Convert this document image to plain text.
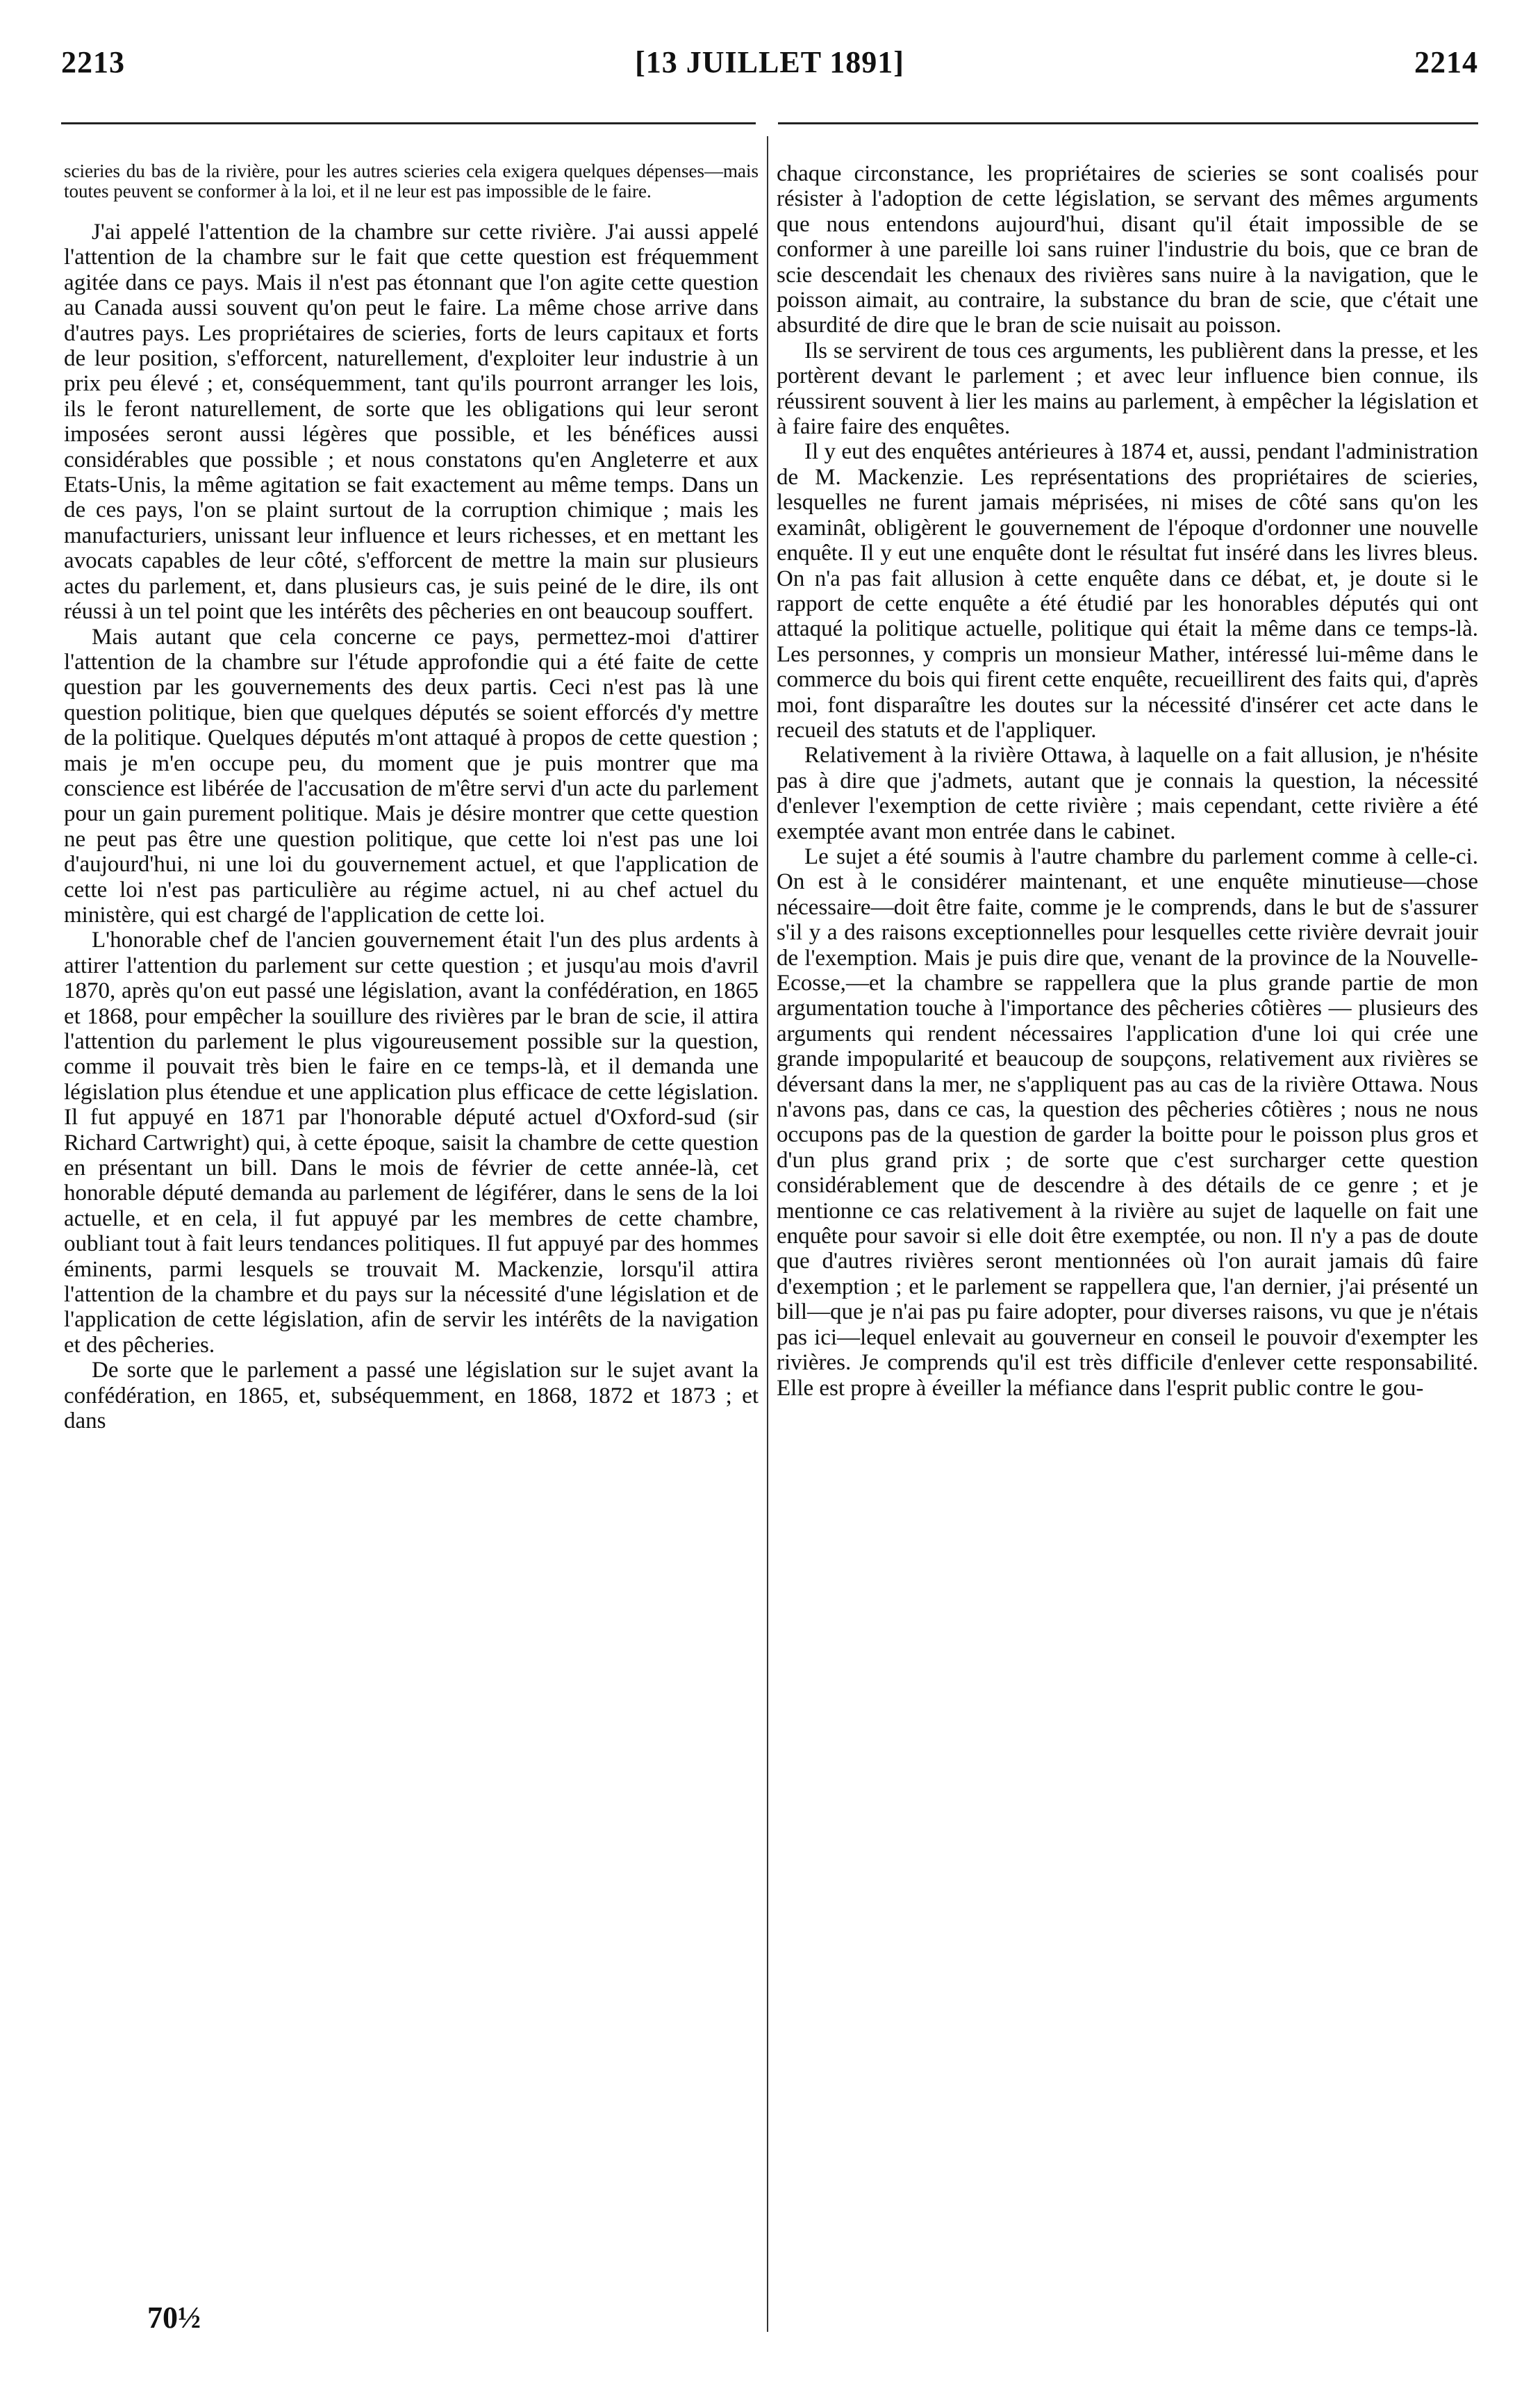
2213	[13 JUILLET 1891]	2214

scieries du bas de la rivière, pour les autres scieries cela exigera quelques dépenses—mais toutes peuvent se conformer à la loi, et il ne leur est pas impossible de le faire.

J'ai appelé l'attention de la chambre sur cette rivière. J'ai aussi appelé l'attention de la chambre sur le fait que cette question est fréquemment agitée dans ce pays. Mais il n'est pas étonnant que l'on agite cette question au Canada aussi souvent qu'on peut le faire. La même chose arrive dans d'autres pays. Les propriétaires de scieries, forts de leurs capitaux et forts de leur position, s'efforcent, naturellement, d'exploiter leur industrie à un prix peu élevé ; et, conséquemment, tant qu'ils pourront arranger les lois, ils le feront naturellement, de sorte que les obligations qui leur seront imposées seront aussi légères que possible, et les bénéfices aussi considérables que possible ; et nous constatons qu'en Angleterre et aux Etats-Unis, la même agitation se fait exactement au même temps. Dans un de ces pays, l'on se plaint surtout de la corruption chimique ; mais les manufacturiers, unissant leur influence et leurs richesses, et en mettant les avocats capables de leur côté, s'efforcent de mettre la main sur plusieurs actes du parlement, et, dans plusieurs cas, je suis peiné de le dire, ils ont réussi à un tel point que les intérêts des pêcheries en ont beaucoup souffert.

Mais autant que cela concerne ce pays, permettez-moi d'attirer l'attention de la chambre sur l'étude approfondie qui a été faite de cette question par les gouvernements des deux partis. Ceci n'est pas là une question politique, bien que quelques députés se soient efforcés d'y mettre de la politique. Quelques députés m'ont attaqué à propos de cette question ; mais je m'en occupe peu, du moment que je puis montrer que ma conscience est libérée de l'accusation de m'être servi d'un acte du parlement pour un gain purement politique. Mais je désire montrer que cette question ne peut pas être une question politique, que cette loi n'est pas une loi d'aujourd'hui, ni une loi du gouvernement actuel, et que l'application de cette loi n'est pas particulière au régime actuel, ni au chef actuel du ministère, qui est chargé de l'application de cette loi.

L'honorable chef de l'ancien gouvernement était l'un des plus ardents à attirer l'attention du parlement sur cette question ; et jusqu'au mois d'avril 1870, après qu'on eut passé une législation, avant la confédération, en 1865 et 1868, pour empêcher la souillure des rivières par le bran de scie, il attira l'attention du parlement le plus vigoureusement possible sur la question, comme il pouvait très bien le faire en ce temps-là, et il demanda une législation plus étendue et une application plus efficace de cette législation. Il fut appuyé en 1871 par l'honorable député actuel d'Oxford-sud (sir Richard Cartwright) qui, à cette époque, saisit la chambre de cette question en présentant un bill. Dans le mois de février de cette année-là, cet honorable député demanda au parlement de légiférer, dans le sens de la loi actuelle, et en cela, il fut appuyé par les membres de cette chambre, oubliant tout à fait leurs tendances politiques. Il fut appuyé par des hommes éminents, parmi lesquels se trouvait M. Mackenzie, lorsqu'il attira l'attention de la chambre et du pays sur la nécessité d'une législation et de l'application de cette législation, afin de servir les intérêts de la navigation et des pêcheries.

De sorte que le parlement a passé une législation sur le sujet avant la confédération, en 1865, et, subséquemment, en 1868, 1872 et 1873 ; et dans

chaque circonstance, les propriétaires de scieries se sont coalisés pour résister à l'adoption de cette législation, se servant des mêmes arguments que nous entendons aujourd'hui, disant qu'il était impossible de se conformer à une pareille loi sans ruiner l'industrie du bois, que ce bran de scie descendait les chenaux des rivières sans nuire à la navigation, que le poisson aimait, au contraire, la substance du bran de scie, que c'était une absurdité de dire que le bran de scie nuisait au poisson.

Ils se servirent de tous ces arguments, les publièrent dans la presse, et les portèrent devant le parlement ; et avec leur influence bien connue, ils réussirent souvent à lier les mains au parlement, à empêcher la législation et à faire faire des enquêtes.

Il y eut des enquêtes antérieures à 1874 et, aussi, pendant l'administration de M. Mackenzie. Les représentations des propriétaires de scieries, lesquelles ne furent jamais méprisées, ni mises de côté sans qu'on les examinât, obligèrent le gouvernement de l'époque d'ordonner une nouvelle enquête. Il y eut une enquête dont le résultat fut inséré dans les livres bleus. On n'a pas fait allusion à cette enquête dans ce débat, et, je doute si le rapport de cette enquête a été étudié par les honorables députés qui ont attaqué la politique actuelle, politique qui était la même dans ce temps-là. Les personnes, y compris un monsieur Mather, intéressé lui-même dans le commerce du bois qui firent cette enquête, recueillirent des faits qui, d'après moi, font disparaître les doutes sur la nécessité d'insérer cet acte dans le recueil des statuts et de l'appliquer.

Relativement à la rivière Ottawa, à laquelle on a fait allusion, je n'hésite pas à dire que j'admets, autant que je connais la question, la nécessité d'enlever l'exemption de cette rivière ; mais cependant, cette rivière a été exemptée avant mon entrée dans le cabinet.

Le sujet a été soumis à l'autre chambre du parlement comme à celle-ci. On est à le considérer maintenant, et une enquête minutieuse—chose nécessaire—doit être faite, comme je le comprends, dans le but de s'assurer s'il y a des raisons exceptionnelles pour lesquelles cette rivière devrait jouir de l'exemption. Mais je puis dire que, venant de la province de la Nouvelle-Ecosse,—et la chambre se rappellera que la plus grande partie de mon argumentation touche à l'importance des pêcheries côtières — plusieurs des arguments qui rendent nécessaires l'application d'une loi qui crée une grande impopularité et beaucoup de soupçons, relativement aux rivières se déversant dans la mer, ne s'appliquent pas au cas de la rivière Ottawa. Nous n'avons pas, dans ce cas, la question des pêcheries côtières ; nous ne nous occupons pas de la question de garder la boitte pour le poisson plus gros et d'un plus grand prix ; de sorte que c'est surcharger cette question considérablement que de descendre à des détails de ce genre ; et je mentionne ce cas relativement à la rivière au sujet de laquelle on fait une enquête pour savoir si elle doit être exemptée, ou non. Il n'y a pas de doute que d'autres rivières seront mentionnées où l'on aurait jamais dû faire d'exemption ; et le parlement se rappellera que, l'an dernier, j'ai présenté un bill—que je n'ai pas pu faire adopter, pour diverses raisons, vu que je n'étais pas ici—lequel enlevait au gouverneur en conseil le pouvoir d'exempter les rivières. Je comprends qu'il est très difficile d'enlever cette responsabilité. Elle est propre à éveiller la méfiance dans l'esprit public contre le gou-

70½
